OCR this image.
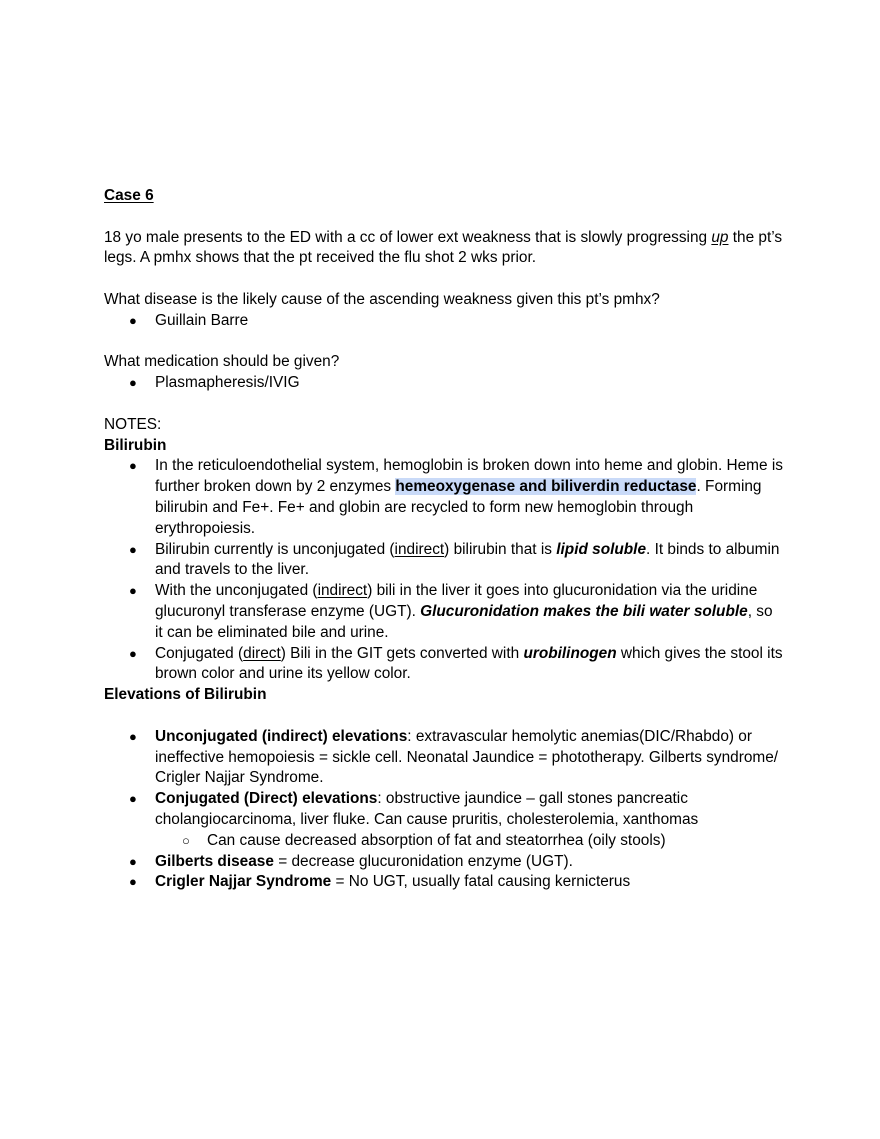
Case 6

18 yo male presents to the ED with a cc of lower ext weakness that is slowly progressing up the pt’s legs. A pmhx shows that the pt received the flu shot 2 wks prior.

What disease is the likely cause of the ascending weakness given this pt’s pmhx?

● Guillain Barre

What medication should be given?

● Plasmapheresis/IVIG

NOTES:

Bilirubin

● In the reticuloendothelial system, hemoglobin is broken down into heme and globin. Heme is further broken down by 2 enzymes hemeoxygenase and biliverdin reductase. Forming bilirubin and Fe+. Fe+ and globin are recycled to form new hemoglobin through erythropoiesis.
● Bilirubin currently is unconjugated (indirect) bilirubin that is lipid soluble. It binds to albumin and travels to the liver.
● With the unconjugated (indirect) bili in the liver it goes into glucuronidation via the uridine glucuronyl transferase enzyme (UGT). Glucuronidation makes the bili water soluble, so it can be eliminated bile and urine.
● Conjugated (direct) Bili in the GIT gets converted with urobilinogen which gives the stool its brown color and urine its yellow color.

Elevations of Bilirubin

● Unconjugated (indirect) elevations: extravascular hemolytic anemias(DIC/Rhabdo) or ineffective hemopoiesis = sickle cell. Neonatal Jaundice = phototherapy. Gilberts syndrome/ Crigler Najjar Syndrome.
● Conjugated (Direct) elevations: obstructive jaundice – gall stones pancreatic cholangiocarcinoma, liver fluke. Can cause pruritis, cholesterolemia, xanthomas
○ Can cause decreased absorption of fat and steatorrhea (oily stools)
● Gilberts disease = decrease glucuronidation enzyme (UGT).
● Crigler Najjar Syndrome = No UGT, usually fatal causing kernicterus
